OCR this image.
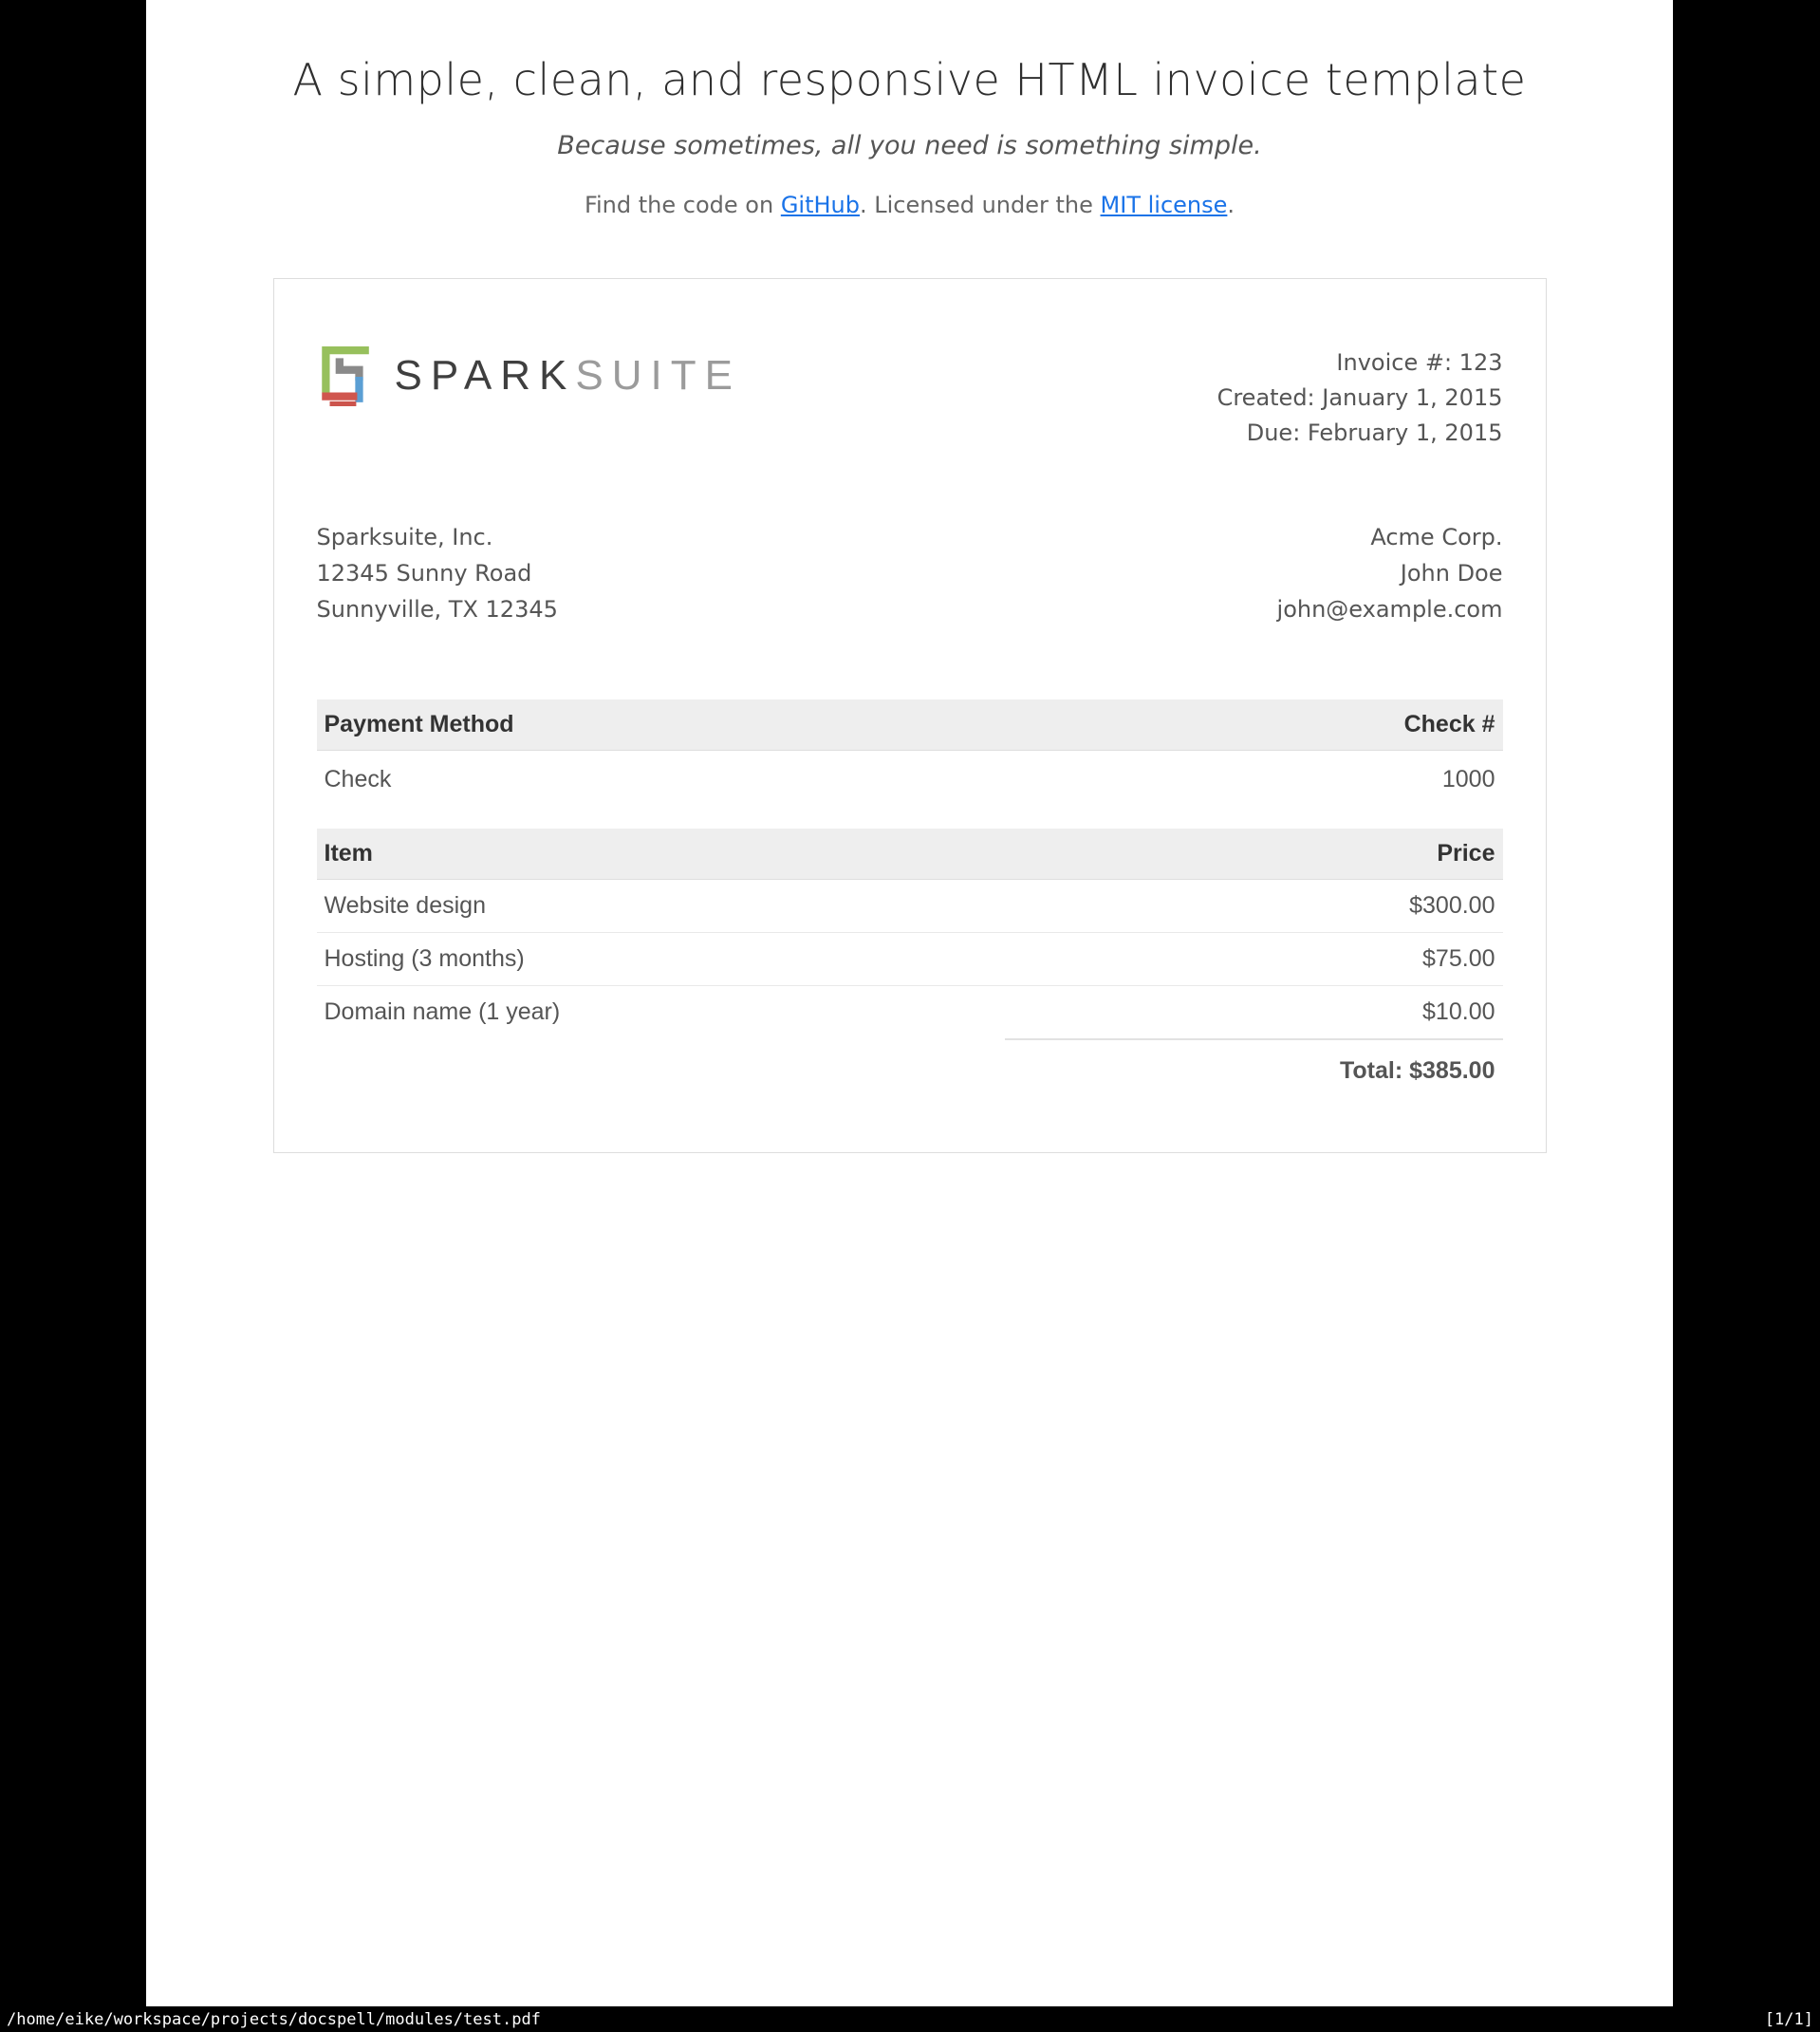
A simple, clean, and responsive HTML invoice template
Because sometimes, all you need is something simple.
Find the code on GitHub. Licensed under the MIT license.
SPARKSUITE	Invoice #: 123
Created: January 1, 2015
Due: February 1, 2015
Sparksuite, Inc.
12345 Sunny Road
Sunnyville, TX 12345
Acme Corp.
John Doe
john@example.com
Payment Method	Check #
Check	1000
Item	Price
Website design	$300.00
Hosting (3 months)	$75.00
Domain name (1 year)	$10.00
	Total: $385.00
/home/eike/workspace/projects/docspell/modules/test.pdf	[1/1]
